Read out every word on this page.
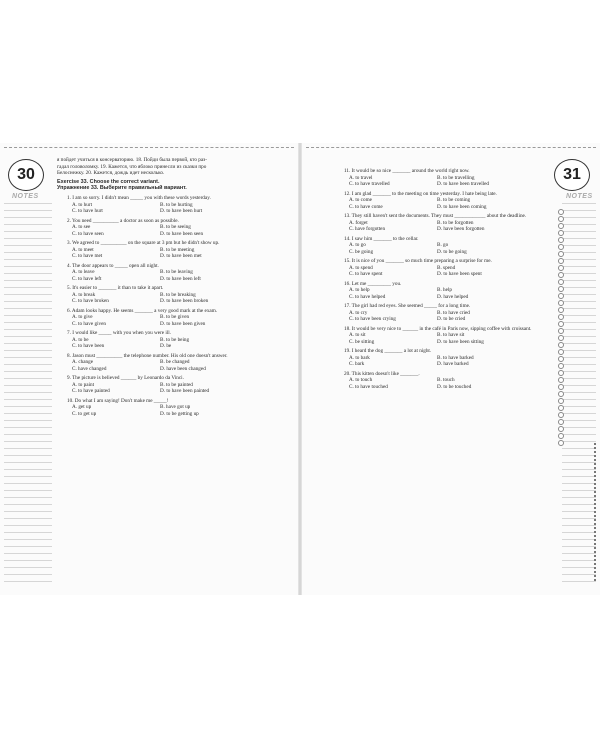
30
NOTES
я пойдет учиться в консерваторию. 18. Пойди была первой, кто раз-
гадал головоломку. 19. Кажется, что яблоко принесли из сказки про
Белоснежку. 20. Кажется, дождь идет несколько.
Exercise 33. Choose the correct variant.
Упражнение 33. Выберите правильный вариант.
1. I am so sorry. I didn't mean _____ you with these words yesterday.
A. to hurt	B. to be hurting
C. to have hurt	D. to have been hurt
2. You need __________ a doctor as soon as possible.
A. to see	B. to be seeing
C. to have seen	D. to have been seen
3. We agreed to __________ on the square at 3 pm but he didn't show up.
A. to meet	B. to be meeting
C. to have met	D. to have been met
4. The door appears to _____ open all night.
A. to leave	B. to be leaving
C. to have left	D. to have been left
5. It's easier to _______ it than to take it apart.
A. to break	B. to be breaking
C. to have broken	D. to have been broken
6. Adam looks happy. He seems _______ a very good mark at the exam.
A. to give	B. to be given
C. to have given	D. to have been given
7. I would like _____ with you when you were ill.
A. to be	B. to be being
C. to have been	D. be
8. Jason must __________ the telephone number. His old one doesn't answer.
A. change	B. be changed
C. have changed	D. have been changed
9. The picture is believed ______ by Leonardo da Vinci.
A. to paint	B. to be painted
C. to have painted	D. to have been painted
10. Do what I am saying! Don't make me _____!
A. get up	B. have got up
C. to get up	D. to be getting up
31
NOTES
11. It would be so nice _______ around the world right now.
A. to travel	B. to be travelling
C. to have travelled	D. to have been travelled
12. I am glad _______ to the meeting on time yesterday. I hate being late.
A. to come	B. to be coming
C. to have come	D. to have been coming
13. They still haven't sent the documents. They must ____________ about the deadline.
A. forget	B. to be forgotten
C. have forgotten	D. have been forgotten
14. I saw him _______ to the cellar.
A. to go	B. go
C. be going	D. to be going
15. It is nice of you _______ so much time preparing a surprise for me.
A. to spend	B. spend
C. to have spent	D. to have been spent
16. Let me _________ you.
A. to help	B. help
C. to have helped	D. have helped
17. The girl had red eyes. She seemed _____ for a long time.
A. to cry	B. to have cried
C. to have been crying	D. to be cried
18. It would be very nice to ______ in the café in Paris now, sipping coffee with croissant.
A. to sit	B. to have sit
C. be sitting	D. to have been sitting
19. I heard the dog _______ a lot at night.
A. to bark	B. to have barked
C. bark	D. have barked
20. This kitten doesn't like _______.
A. to touch	B. touch
C. to have touched	D. to be touched
